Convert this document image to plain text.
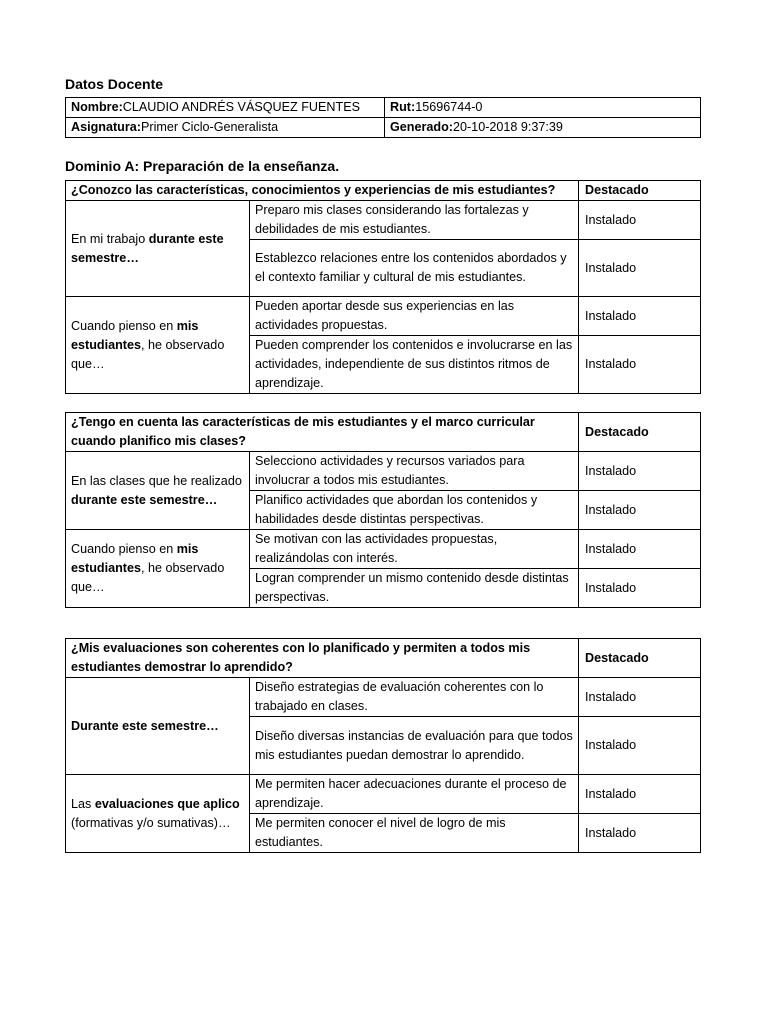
Datos Docente
Nombre:CLAUDIO ANDRÉS VÁSQUEZ FUENTES	Rut:15696744-0
Asignatura:Primer Ciclo-Generalista	Generado:20-10-2018 9:37:39
Dominio A: Preparación de la enseñanza.
¿Conozco las características, conocimientos y experiencias de mis estudiantes?		Destacado
En mi trabajo durante este semestre…	Preparo mis clases considerando las fortalezas y debilidades de mis estudiantes.	Instalado
	Establezco relaciones entre los contenidos abordados y el contexto familiar y cultural de mis estudiantes.	Instalado
Cuando pienso en mis estudiantes, he observado que…	Pueden aportar desde sus experiencias en las actividades propuestas.	Instalado
	Pueden comprender los contenidos e involucrarse en las actividades, independiente de sus distintos ritmos de aprendizaje.	Instalado
¿Tengo en cuenta las características de mis estudiantes y el marco curricular cuando planifico mis clases?		Destacado
En las clases que he realizado durante este semestre…	Selecciono actividades y recursos variados para involucrar a todos mis estudiantes.	Instalado
	Planifico actividades que abordan los contenidos y habilidades desde distintas perspectivas.	Instalado
Cuando pienso en mis estudiantes, he observado que…	Se motivan con las actividades propuestas, realizándolas con interés.	Instalado
	Logran comprender un mismo contenido desde distintas perspectivas.	Instalado
¿Mis evaluaciones son coherentes con lo planificado y permiten a todos mis estudiantes demostrar lo aprendido?		Destacado
Durante este semestre…	Diseño estrategias de evaluación coherentes con lo trabajado en clases.	Instalado
	Diseño diversas instancias de evaluación para que todos mis estudiantes puedan demostrar lo aprendido.	Instalado
Las evaluaciones que aplico (formativas y/o sumativas)…	Me permiten hacer adecuaciones durante el proceso de aprendizaje.	Instalado
	Me permiten conocer el nivel de logro de mis estudiantes.	Instalado
